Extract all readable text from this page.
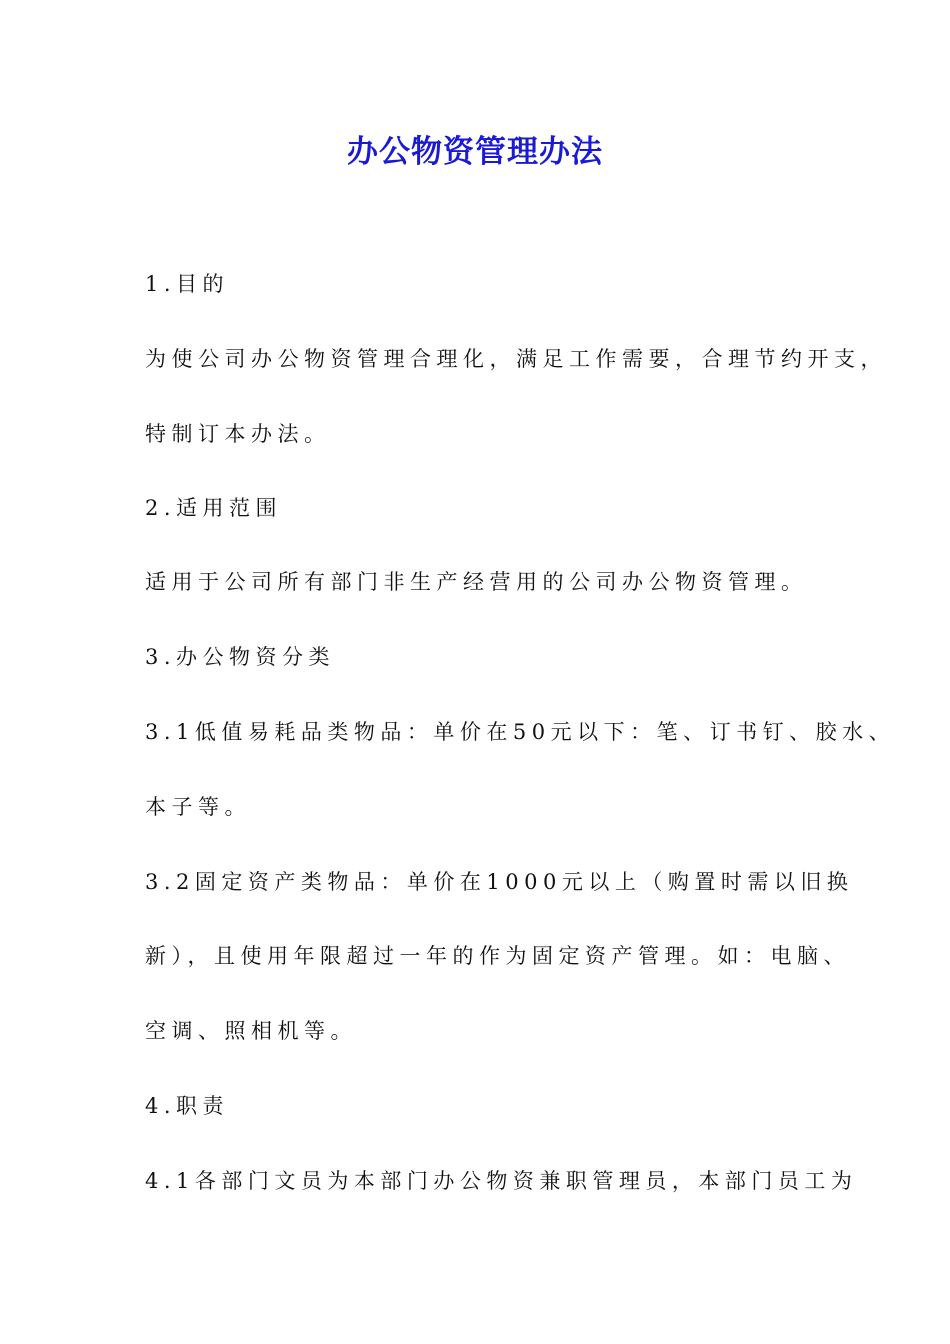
办公物资管理办法
1.目的
为使公司办公物资管理合理化，满足工作需要，合理节约开支，
特制订本办法。
2.适用范围
适用于公司所有部门非生产经营用的公司办公物资管理。
3.办公物资分类
3.1低值易耗品类物品：单价在50元以下：笔、订书钉、胶水、
本子等。
3.2固定资产类物品：单价在1000元以上（购置时需以旧换
新），且使用年限超过一年的作为固定资产管理。如：电脑、
空调、照相机等。
4.职责
4.1各部门文员为本部门办公物资兼职管理员，本部门员工为
